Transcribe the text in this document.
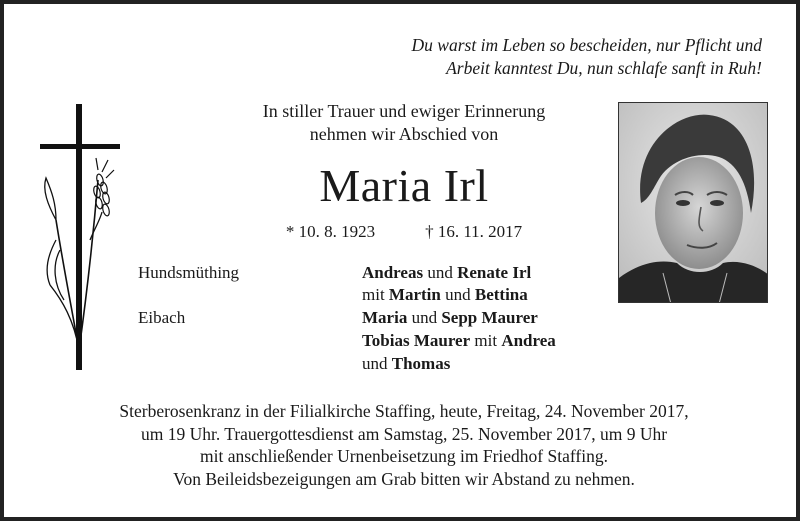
Du warst im Leben so bescheiden, nur Pflicht und
Arbeit kanntest Du, nun schlafe sanft in Ruh!
In stiller Trauer und ewiger Erinnerung
nehmen wir Abschied von
Maria Irl
* 10. 8. 1923	† 16. 11. 2017
Hundsmüthing
Eibach
Andreas und Renate Irl
mit Martin und Bettina
Maria und Sepp Maurer
Tobias Maurer mit Andrea
und Thomas
Sterberosenkranz in der Filialkirche Staffing, heute, Freitag, 24. November 2017,
um 19 Uhr. Trauergottesdienst am Samstag, 25. November 2017, um 9 Uhr
mit anschließender Urnenbeisetzung im Friedhof Staffing.
Von Beileidsbezeigungen am Grab bitten wir Abstand zu nehmen.
